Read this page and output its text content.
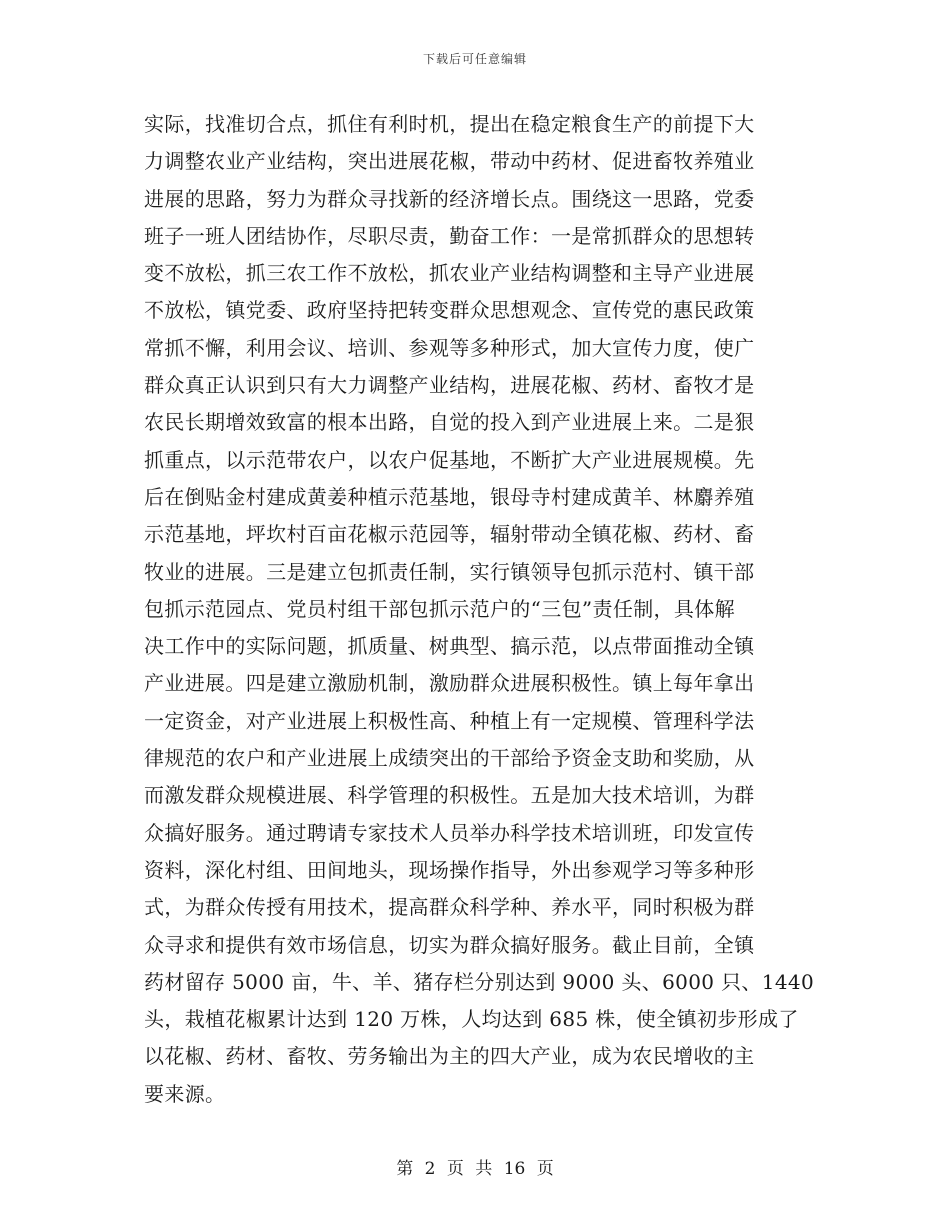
下载后可任意编辑
实际，找准切合点，抓住有利时机，提出在稳定粮食生产的前提下大
力调整农业产业结构，突出进展花椒，带动中药材、促进畜牧养殖业
进展的思路，努力为群众寻找新的经济增长点。围绕这一思路，党委
班子一班人团结协作，尽职尽责，勤奋工作：一是常抓群众的思想转
变不放松，抓三农工作不放松，抓农业产业结构调整和主导产业进展
不放松，镇党委、政府坚持把转变群众思想观念、宣传党的惠民政策
常抓不懈，利用会议、培训、参观等多种形式，加大宣传力度，使广
群众真正认识到只有大力调整产业结构，进展花椒、药材、畜牧才是
农民长期增效致富的根本出路，自觉的投入到产业进展上来。二是狠
抓重点，以示范带农户，以农户促基地，不断扩大产业进展规模。先
后在倒贴金村建成黄姜种植示范基地，银母寺村建成黄羊、林麝养殖
示范基地，坪坎村百亩花椒示范园等，辐射带动全镇花椒、药材、畜
牧业的进展。三是建立包抓责任制，实行镇领导包抓示范村、镇干部
包抓示范园点、党员村组干部包抓示范户的“三包”责任制，具体解
决工作中的实际问题，抓质量、树典型、搞示范，以点带面推动全镇
产业进展。四是建立激励机制，激励群众进展积极性。镇上每年拿出
一定资金，对产业进展上积极性高、种植上有一定规模、管理科学法
律规范的农户和产业进展上成绩突出的干部给予资金支助和奖励，从
而激发群众规模进展、科学管理的积极性。五是加大技术培训，为群
众搞好服务。通过聘请专家技术人员举办科学技术培训班，印发宣传
资料，深化村组、田间地头，现场操作指导，外出参观学习等多种形
式，为群众传授有用技术，提高群众科学种、养水平，同时积极为群
众寻求和提供有效市场信息，切实为群众搞好服务。截止目前，全镇
药材留存 5000 亩，牛、羊、猪存栏分别达到 9000 头、6000 只、1440
头，栽植花椒累计达到 120 万株，人均达到 685 株，使全镇初步形成了
以花椒、药材、畜牧、劳务输出为主的四大产业，成为农民增收的主
要来源。
第 2 页 共 16 页
